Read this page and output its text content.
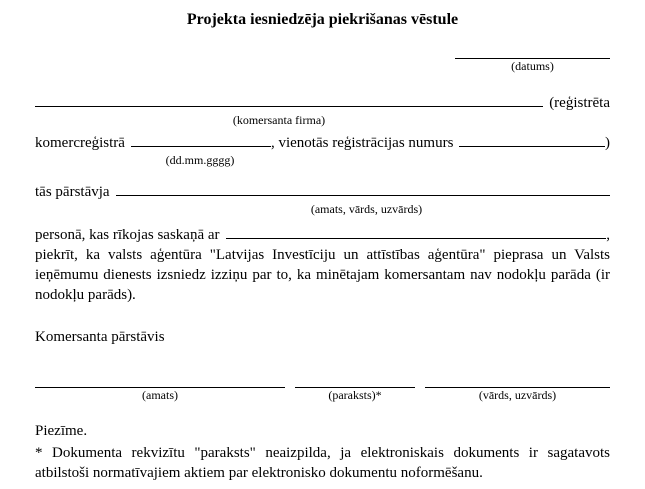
Projekta iesniedzēja piekrišanas vēstule
(datums)
(reģistrēta
(komersanta firma)
komercreģistrā	, vienotās reģistrācijas numurs	)
(dd.mm.gggg)
tās pārstāvja
(amats, vārds, uzvārds)
personā, kas rīkojas saskaņā ar	,

piekrīt, ka valsts aģentūra "Latvijas Investīciju un attīstības aģentūra" pieprasa un Valsts ieņēmumu dienests izsniedz izziņu par to, ka minētajam komersantam nav nodokļu parāda (ir nodokļu parāds).

Komersanta pārstāvis
(amats)	(paraksts)*	(vārds, uzvārds)
Piezīme.

* Dokumenta rekvizītu "paraksts" neaizpilda, ja elektroniskais dokuments ir sagatavots atbilstoši normatīvajiem aktiem par elektronisko dokumentu noformēšanu.
